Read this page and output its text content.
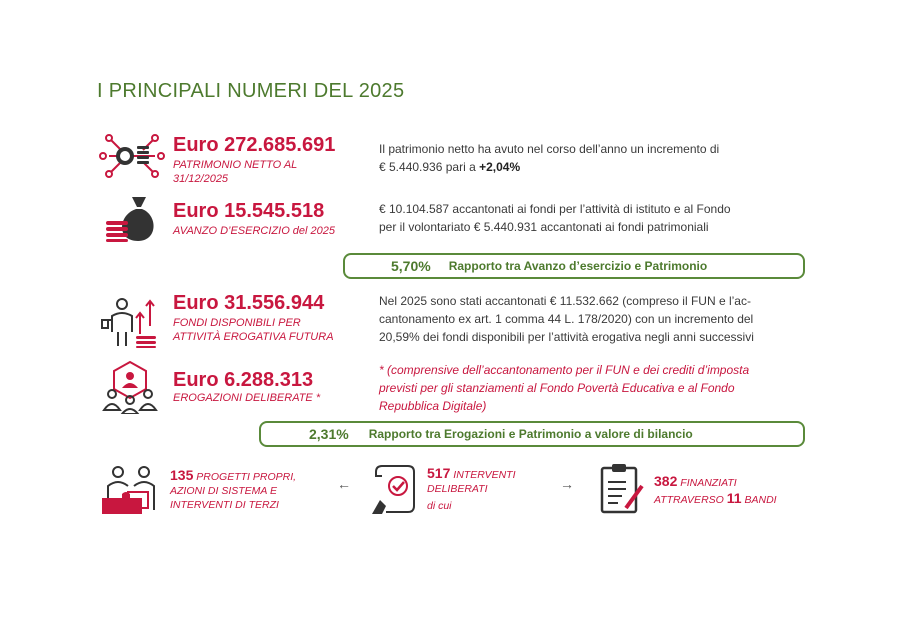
I PRINCIPALI NUMERI DEL 2025
Euro 272.685.691
PATRIMONIO NETTO AL
31/12/2025
Il patrimonio netto ha avuto nel corso dell’anno un incremento di
€ 5.440.936 pari a +2,04%
Euro 15.545.518
AVANZO D’ESERCIZIO del 2025
€ 10.104.587 accantonati ai fondi per l’attività di istituto e al Fondo
per il volontariato € 5.440.931 accantonati ai fondi patrimoniali
5,70% Rapporto tra Avanzo d’esercizio e Patrimonio
Euro 31.556.944
FONDI DISPONIBILI PER
ATTIVITÀ EROGATIVA FUTURA
Nel 2025 sono stati accantonati € 11.532.662 (compreso il FUN e l’ac-
cantonamento ex art. 1 comma 44 L. 178/2020) con un incremento del
20,59% dei fondi disponibili per l’attività erogativa negli anni successivi
Euro 6.288.313
EROGAZIONI DELIBERATE *
* (comprensive dell’accantonamento per il FUN e dei crediti d’imposta
previsti per gli stanziamenti al Fondo Povertà Educativa e al Fondo
Repubblica Digitale)
2,31% Rapporto tra Erogazioni e Patrimonio a valore di bilancio
135 PROGETTI PROPRI,
AZIONI DI SISTEMA E
INTERVENTI DI TERZI
←
517 INTERVENTI
DELIBERATI
di cui
→	382 FINANZIATI
ATTRAVERSO 11 BANDI
